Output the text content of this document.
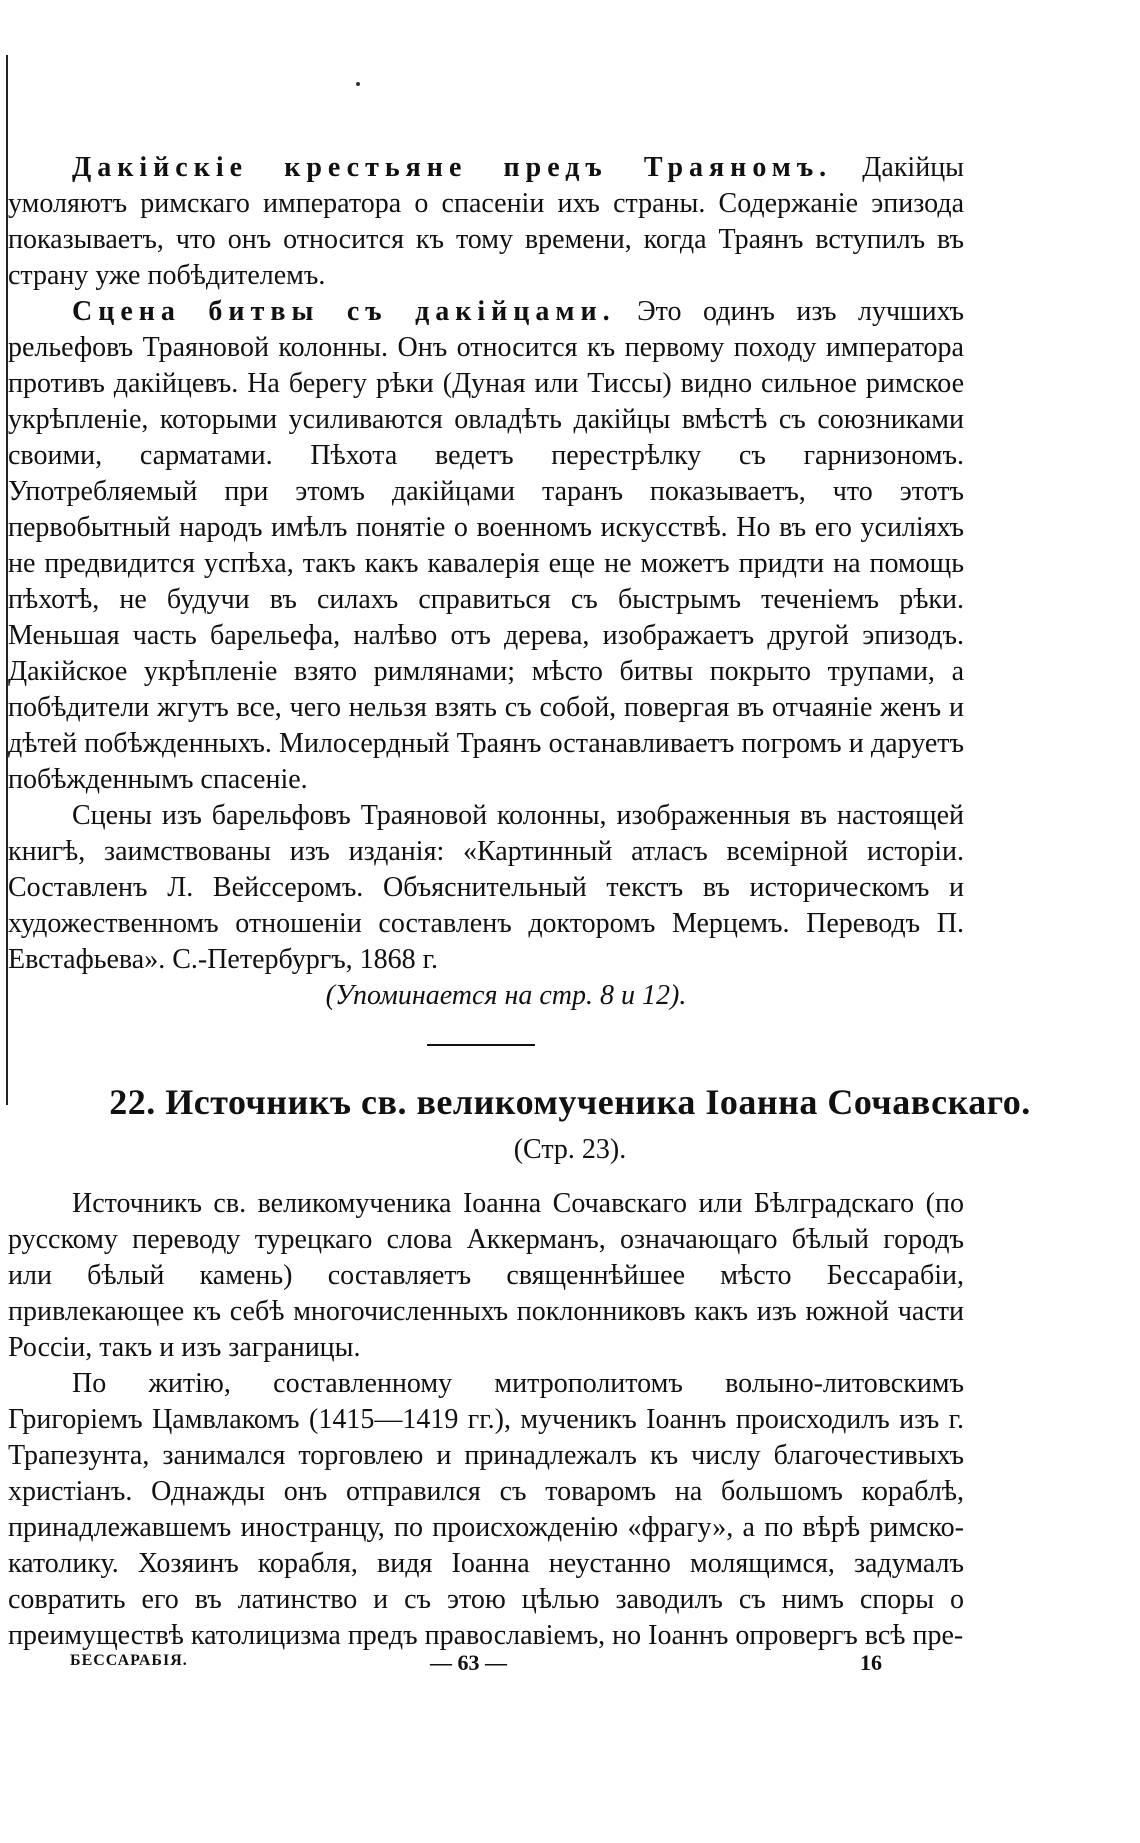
Дакійскіе крестьяне предъ Траяномъ. Дакійцы умоляютъ римскаго императора о спасеніи ихъ страны. Содержаніе эпизода показываетъ, что онъ относится къ тому времени, когда Траянъ вступилъ въ страну уже побѣдителемъ.

Сцена битвы съ дакійцами. Это одинъ изъ лучшихъ рельефовъ Траяновой колонны. Онъ относится къ первому походу императора противъ дакійцевъ. На берегу рѣки (Дуная или Тиссы) видно сильное римское укрѣпленіе, которыми усиливаются овладѣть дакійцы вмѣстѣ съ союзниками своими, сарматами. Пѣхота ведетъ перестрѣлку съ гарнизономъ. Употребляемый при этомъ дакійцами таранъ показываетъ, что этотъ первобытный народъ имѣлъ понятіе о военномъ искусствѣ. Но въ его усиліяхъ не предвидится успѣха, такъ какъ кавалерія еще не можетъ придти на помощь пѣхотѣ, не будучи въ силахъ справиться съ быстрымъ теченіемъ рѣки. Меньшая часть барельефа, налѣво отъ дерева, изображаетъ другой эпизодъ. Дакійское укрѣпленіе взято римлянами; мѣсто битвы покрыто трупами, а побѣдители жгутъ все, чего нельзя взять съ собой, повергая въ отчаяніе женъ и дѣтей побѣжденныхъ. Милосердный Траянъ останавливаетъ погромъ и даруетъ побѣжденнымъ спасеніе.

Сцены изъ барельфовъ Траяновой колонны, изображенныя въ настоящей книгѣ, заимствованы изъ изданія: «Картинный атласъ всемірной исторіи. Составленъ Л. Вейссеромъ. Объяснительный текстъ въ историческомъ и художественномъ отношеніи составленъ докторомъ Мерцемъ. Переводъ П. Евстафьева». С.-Петербургъ, 1868 г.

(Упоминается на стр. 8 и 12).

22. Источникъ св. великомученика Іоанна Сочавскаго.
(Стр. 23).

Источникъ св. великомученика Іоанна Сочавскаго или Бѣлградскаго (по русскому переводу турецкаго слова Аккерманъ, означающаго бѣлый городъ или бѣлый камень) составляетъ священнѣйшее мѣсто Бессарабіи, привлекающее къ себѣ многочисленныхъ поклонниковъ какъ изъ южной части Россіи, такъ и изъ заграницы.

По житію, составленному митрополитомъ волыно-литовскимъ Григоріемъ Цамвлакомъ (1415—1419 гг.), мученикъ Іоаннъ происходилъ изъ г. Трапезунта, занимался торговлею и принадлежалъ къ числу благочестивыхъ христіанъ. Однажды онъ отправился съ товаромъ на большомъ кораблѣ, принадлежавшемъ иностранцу, по происхожденію «фрагу», а по вѣрѣ римско-католику. Хозяинъ корабля, видя Іоанна неустанно молящимся, задумалъ совратить его въ латинство и съ этою цѣлью заводилъ съ нимъ споры о преимуществѣ католицизма предъ православіемъ, но Іоаннъ опровергъ всѣ пре-

БЕССАРАБІЯ.	— 63 —	16
